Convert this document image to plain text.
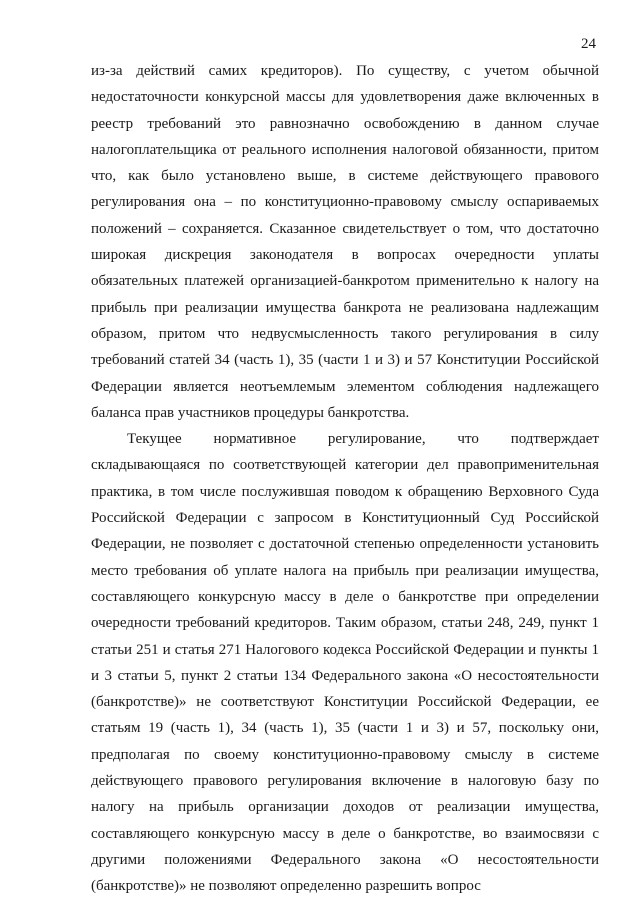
24

из-за действий самих кредиторов). По существу, с учетом обычной недостаточности конкурсной массы для удовлетворения даже включенных в реестр требований это равнозначно освобождению в данном случае налогоплательщика от реального исполнения налоговой обязанности, притом что, как было установлено выше, в системе действующего правового регулирования она – по конституционно-правовому смыслу оспариваемых положений – сохраняется. Сказанное свидетельствует о том, что достаточно широкая дискреция законодателя в вопросах очередности уплаты обязательных платежей организацией-банкротом применительно к налогу на прибыль при реализации имущества банкрота не реализована надлежащим образом, притом что недвусмысленность такого регулирования в силу требований статей 34 (часть 1), 35 (части 1 и 3) и 57 Конституции Российской Федерации является неотъемлемым элементом соблюдения надлежащего баланса прав участников процедуры банкротства.

Текущее нормативное регулирование, что подтверждает складывающаяся по соответствующей категории дел правоприменительная практика, в том числе послужившая поводом к обращению Верховного Суда Российской Федерации с запросом в Конституционный Суд Российской Федерации, не позволяет с достаточной степенью определенности установить место требования об уплате налога на прибыль при реализации имущества, составляющего конкурсную массу в деле о банкротстве при определении очередности требований кредиторов. Таким образом, статьи 248, 249, пункт 1 статьи 251 и статья 271 Налогового кодекса Российской Федерации и пункты 1 и 3 статьи 5, пункт 2 статьи 134 Федерального закона «О несостоятельности (банкротстве)» не соответствуют Конституции Российской Федерации, ее статьям 19 (часть 1), 34 (часть 1), 35 (части 1 и 3) и 57, поскольку они, предполагая по своему конституционно-правовому смыслу в системе действующего правового регулирования включение в налоговую базу по налогу на прибыль организации доходов от реализации имущества, составляющего конкурсную массу в деле о банкротстве, во взаимосвязи с другими положениями Федерального закона «О несостоятельности (банкротстве)» не позволяют определенно разрешить вопрос
